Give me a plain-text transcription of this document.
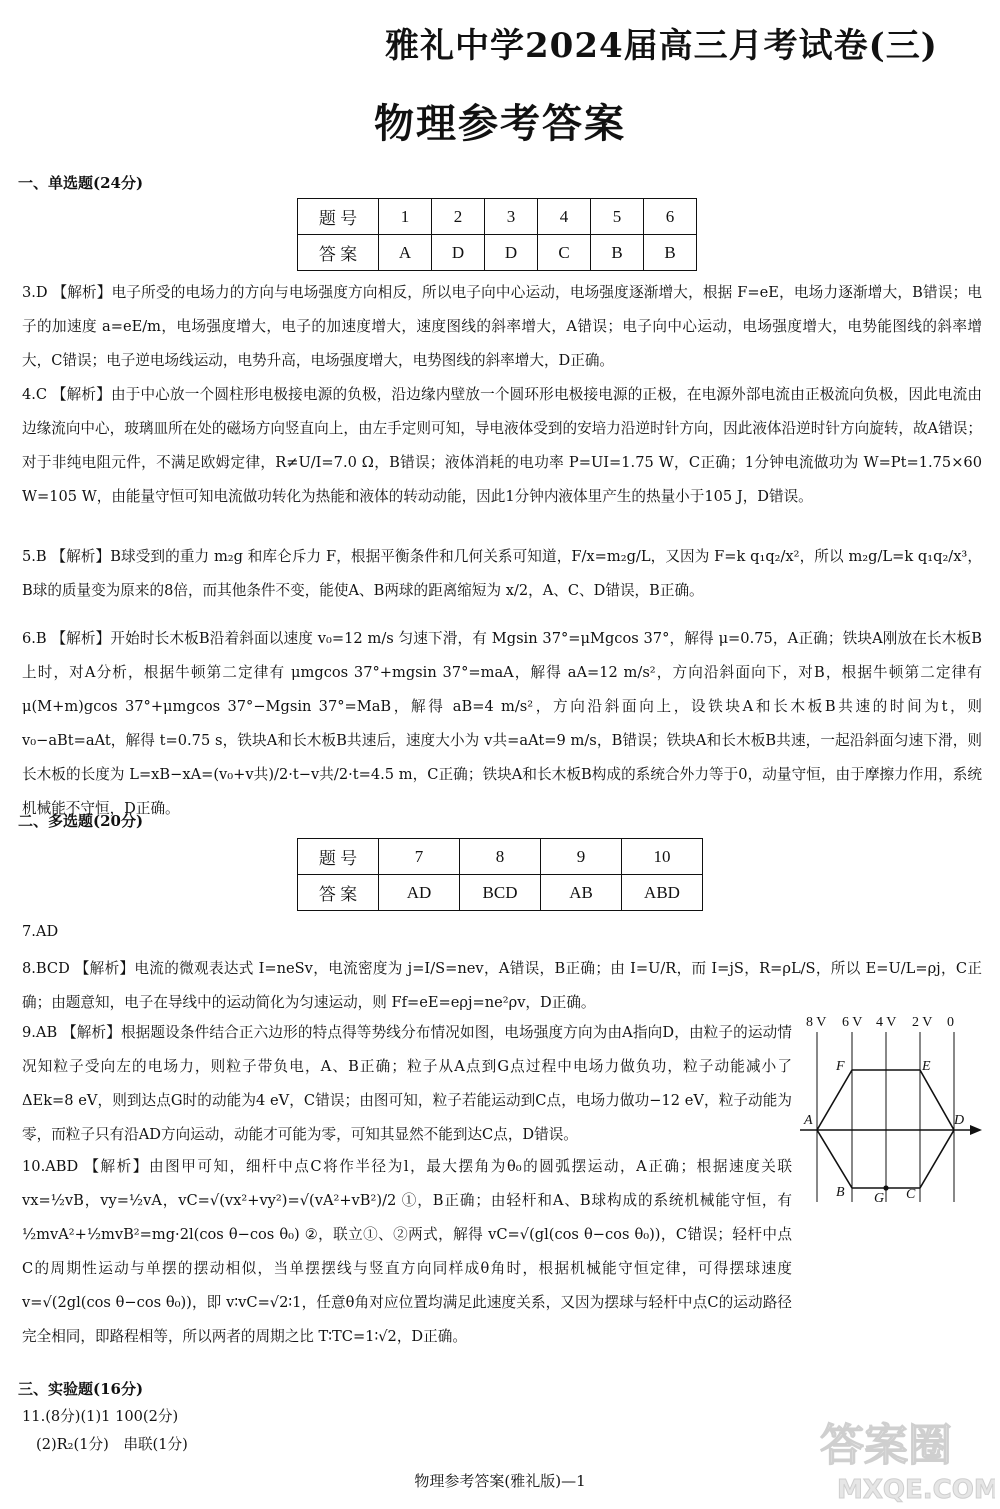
雅礼中学2024届高三月考试卷(三)
物理参考答案
一、单选题(24分)
题 号	1	2	3	4	5	6
答 案	A	D	D	C	B	B
3.D 【解析】电子所受的电场力的方向与电场强度方向相反，所以电子向中心运动，电场强度逐渐增大，根据 F=eE，电场力逐渐增大，B错误；电子的加速度 a=eE/m，电场强度增大，电子的加速度增大，速度图线的斜率增大，A错误；电子向中心运动，电场强度增大，电势能图线的斜率增大，C错误；电子逆电场线运动，电势升高，电场强度增大，电势图线的斜率增大，D正确。
4.C 【解析】由于中心放一个圆柱形电极接电源的负极，沿边缘内壁放一个圆环形电极接电源的正极，在电源外部电流由正极流向负极，因此电流由边缘流向中心，玻璃皿所在处的磁场方向竖直向上，由左手定则可知，导电液体受到的安培力沿逆时针方向，因此液体沿逆时针方向旋转，故A错误；对于非纯电阻元件，不满足欧姆定律，R≠U/I=7.0 Ω，B错误；液体消耗的电功率 P=UI=1.75 W，C正确；1分钟电流做功为 W=Pt=1.75×60 W=105 W，由能量守恒可知电流做功转化为热能和液体的转动动能，因此1分钟内液体里产生的热量小于105 J，D错误。
5.B 【解析】B球受到的重力 m₂g 和库仑斥力 F，根据平衡条件和几何关系可知道，F/x=m₂g/L，又因为 F=k q₁q₂/x²，所以 m₂g/L=k q₁q₂/x³，B球的质量变为原来的8倍，而其他条件不变，能使A、B两球的距离缩短为 x/2，A、C、D错误，B正确。
6.B 【解析】开始时长木板B沿着斜面以速度 v₀=12 m/s 匀速下滑，有 Mgsin 37°=μMgcos 37°，解得 μ=0.75，A正确；铁块A刚放在长木板B上时，对A分析，根据牛顿第二定律有 μmgcos 37°+mgsin 37°=maA，解得 aA=12 m/s²，方向沿斜面向下，对B，根据牛顿第二定律有 μ(M+m)gcos 37°+μmgcos 37°−Mgsin 37°=MaB，解得 aB=4 m/s²，方向沿斜面向上，设铁块A和长木板B共速的时间为t，则 v₀−aBt=aAt，解得 t=0.75 s，铁块A和长木板B共速后，速度大小为 v共=aAt=9 m/s，B错误；铁块A和长木板B共速，一起沿斜面匀速下滑，则长木板的长度为 L=xB−xA=(v₀+v共)/2·t−v共/2·t=4.5 m，C正确；铁块A和长木板B构成的系统合外力等于0，动量守恒，由于摩擦力作用，系统机械能不守恒，D正确。
二、多选题(20分)
题 号	7	8	9	10
答 案	AD	BCD	AB	ABD
7.AD
8.BCD 【解析】电流的微观表达式 I=neSv，电流密度为 j=I/S=nev，A错误，B正确；由 I=U/R，而 I=jS，R=ρL/S，所以 E=U/L=ρj，C正确；由题意知，电子在导线中的运动简化为匀速运动，则 Ff=eE=eρj=ne²ρv，D正确。
9.AB 【解析】根据题设条件结合正六边形的特点得等势线分布情况如图，电场强度方向为由A指向D，由粒子的运动情况知粒子受向左的电场力，则粒子带负电，A、B正确；粒子从A点到G点过程中电场力做负功，粒子动能减小了 ΔEk=8 eV，则到达点G时的动能为4 eV，C错误；由图可知，粒子若能运动到C点，电场力做功−12 eV，粒子动能为零，而粒子只有沿AD方向运动，动能才可能为零，可知其显然不能到达C点，D错误。
10.ABD 【解析】由图甲可知，细杆中点C将作半径为l，最大摆角为θ₀的圆弧摆运动，A正确；根据速度关联 vx=½vB，vy=½vA，vC=√(vx²+vy²)=√(vA²+vB²)/2 ①，B正确；由轻杆和A、B球构成的系统机械能守恒，有 ½mvA²+½mvB²=mg·2l(cos θ−cos θ₀) ②，联立①、②两式，解得 vC=√(gl(cos θ−cos θ₀))，C错误；轻杆中点C的周期性运动与单摆的摆动相似，当单摆摆线与竖直方向同样成θ角时，根据机械能守恒定律，可得摆球速度 v=√(2gl(cos θ−cos θ₀))，即 v∶vC=√2∶1，任意θ角对应位置均满足此速度关系，又因为摆球与轻杆中点C的运动路径完全相同，即路程相等，所以两者的周期之比 T∶TC=1∶√2，D正确。
8 V 6 V 4 V 2 V 0
A
F	E
D
B G C
三、实验题(16分)
11.(8分)(1)1 100(2分)
(2)R₂(1分)　串联(1分)	答案圈
MXQE.COM
物理参考答案(雅礼版)—1
